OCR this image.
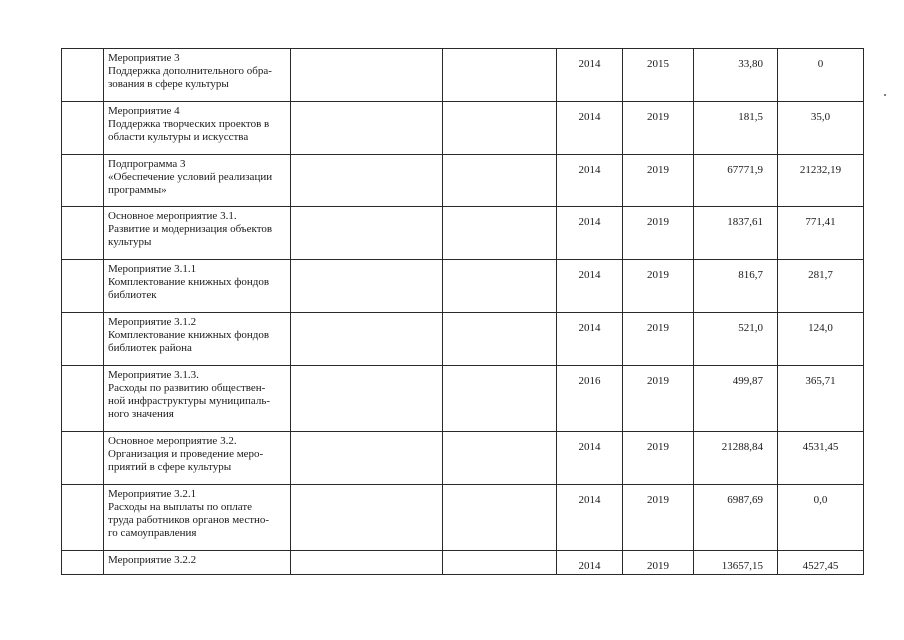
	Мероприятие 3
Поддержка дополнительного обра-
зования в сфере культуры			2014	2015	33,80	0

	Мероприятие 4
Поддержка творческих проектов в
области культуры и искусства			2014	2019	181,5	35,0

	Подпрограмма 3
«Обеспечение условий реализации
программы»			2014	2019	67771,9	21232,19

	Основное мероприятие 3.1.
Развитие и модернизация объектов
культуры			2014	2019	1837,61	771,41

	Мероприятие 3.1.1
Комплектование книжных фондов
библиотек			2014	2019	816,7	281,7

	Мероприятие 3.1.2
Комплектование книжных фондов
библиотек района			2014	2019	521,0	124,0

	Мероприятие 3.1.3.
Расходы по развитию обществен-
ной инфраструктуры муниципаль-
ного значения			2016	2019	499,87	365,71

	Основное мероприятие 3.2.
Организация и проведение меро-
приятий в сфере культуры			2014	2019	21288,84	4531,45

	Мероприятие 3.2.1
Расходы на выплаты по оплате
труда работников органов местно-
го самоуправления			2014	2019	6987,69	0,0

	Мероприятие 3.2.2			2014	2019	13657,15	4527,45
